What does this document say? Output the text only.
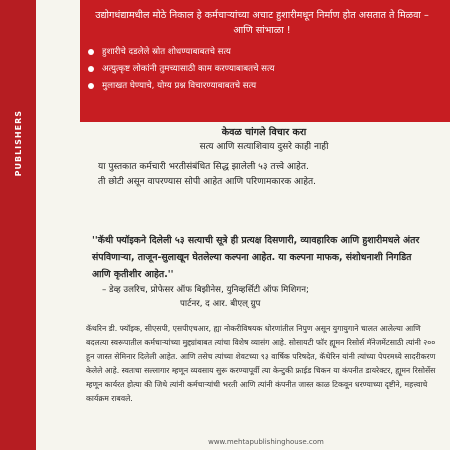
PUBLISHERS

उद्योगधंद्यामधील मोठे निकाल हे कर्मचाऱ्यांच्या अचाट हुशारीमधून निर्माण होत असतात ते मिळवा – आणि सांभाळा !

हुशारीचे दडलेले स्रोत शोधण्याबाबतचे सत्य
अत्युत्कृष्ट लोकांनी तुमच्यासाठी काम करण्याबाबतचे सत्य
मुलाखत घेण्याचे, योग्य प्रश्न विचारण्याबाबतचे सत्य
केवळ चांगले विचार करा
सत्य आणि सत्याशिवाय दुसरे काही नाही

या पुस्तकात कर्मचारी भरतीसंबंधित सिद्ध झालेली ५३ तत्त्वे आहेत.

ती छोटी असून वापरण्यास सोपी आहेत आणि परिणामकारक आहेत.

''कॅथी फ्यॉइकने दिलेली ५३ सत्याची सूत्रे ही प्रत्यक्ष दिसणारी, व्यावहारिक आणि हुशारीमधले अंतर संपविणाऱ्या, ताजून-सुलाखून घेतलेल्या कल्पना आहेत. या कल्पना माफक, संशोधनाशी निगडित आणि कृतीशीर आहेत.''

– डेव्ह उलरिच, प्रोफेसर ऑफ बिझीनेस, युनिव्हर्सिटी ऑफ मिशिगन;

पार्टनर, द आर. बीएल् ग्रुप

कॅथरिन डी. फ्यॉइक, सीएसपी, एसपीएचआर, ह्या नोकरीविषयक धोरणांतील निपुण असून युगायुगाने चालत आलेल्या आणि बदलत्या स्वरूपातील कर्मचाऱ्यांच्या मुद्द्यांबाबत त्यांचा विशेष व्यासंग आहे. सोसायटी फॉर ह्यूमन रिसोर्स मॅनेजमेंटसाठी त्यांनी २०० हून जास्त सेमिनार दिलेली आहेत. आणि तसेच त्यांच्या शेवटच्या ९३ वार्षिक परिषदेत, कॅथेरिन यांनी त्यांच्या पेपरमध्ये सादरीकरण केलेले आहे. स्वतःचा सल्लागार म्हणून व्यवसाय सुरू करण्यापूर्वी त्या केन्टुकी फ्राईड चिकन या कंपनीत डायरेक्टर, ह्यूमन रिसोर्सेस म्हणून कार्यरत होत्या की जिथे त्यांनी कर्मचाऱ्यांची भरती आणि त्यांनी कंपनीत जास्त काळ टिकवून धरण्याच्या दृष्टीने, महत्त्वाचे कार्यक्रम राबवले.

www.mehtapublishinghouse.com
